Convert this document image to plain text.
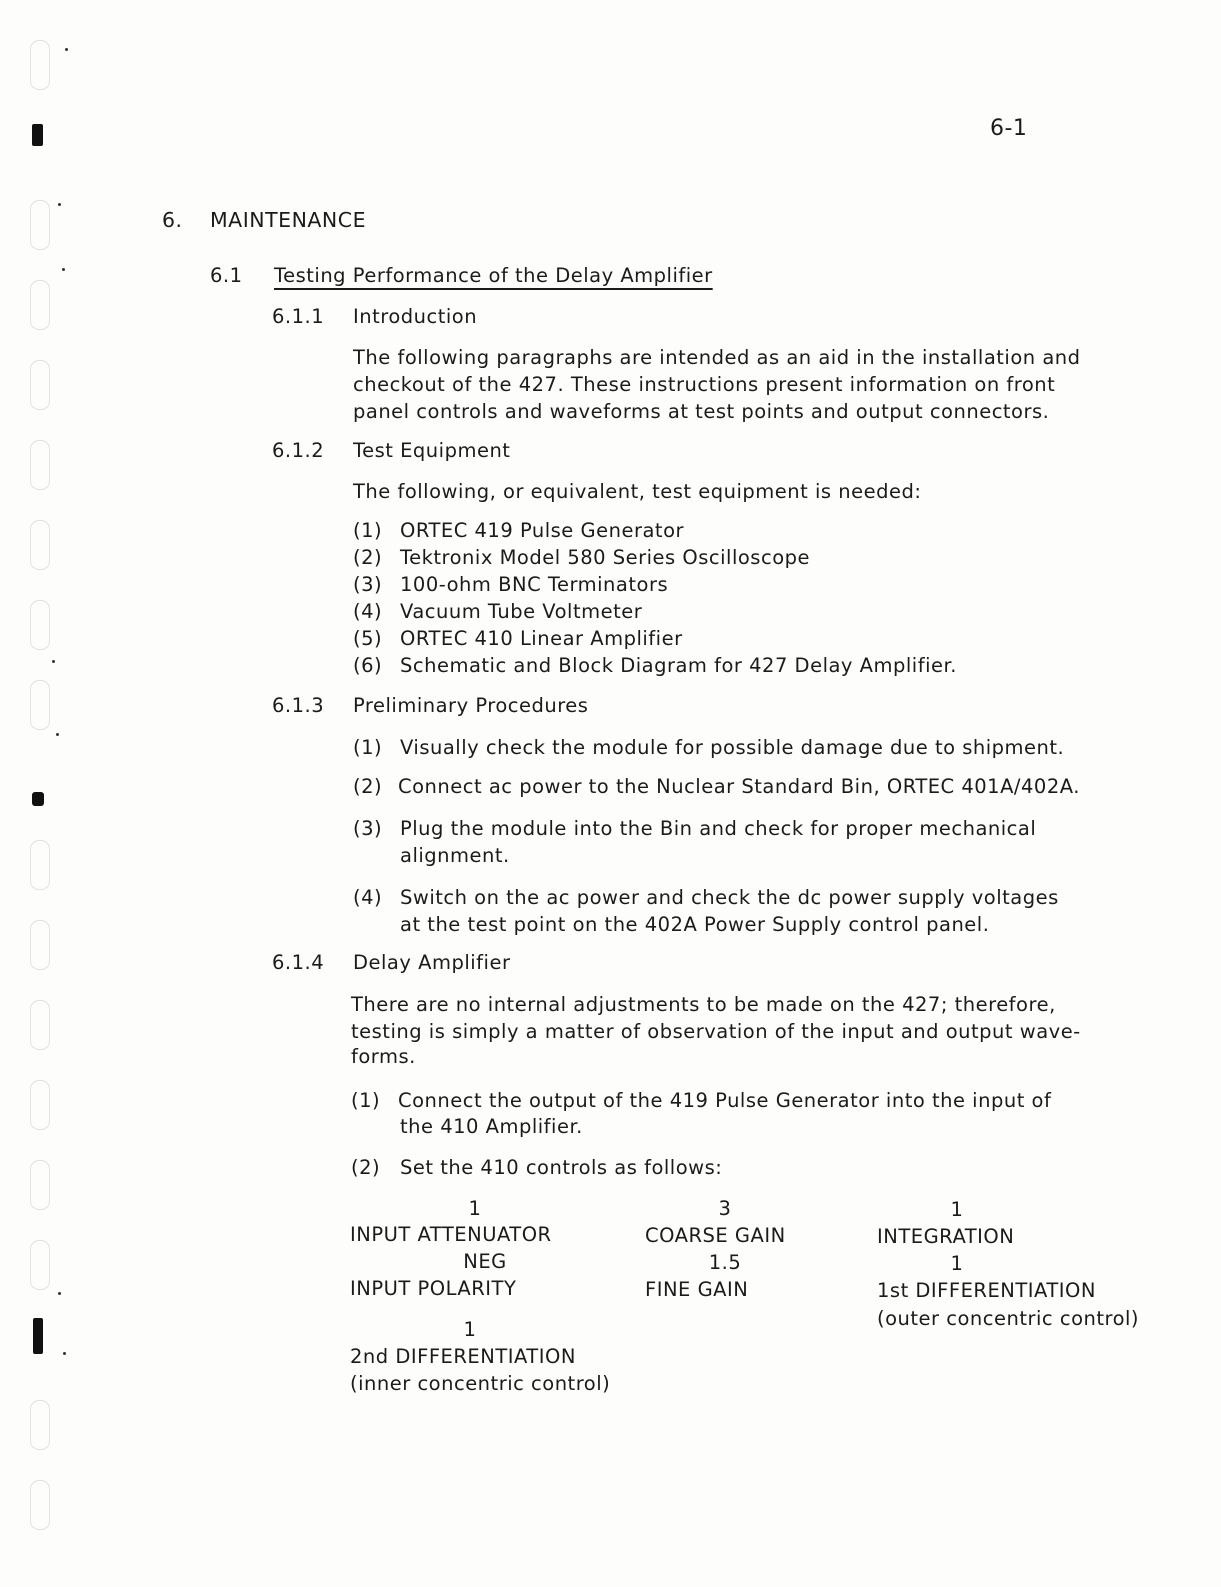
6-1
6. MAINTENANCE
6.1 Testing Performance of the Delay Amplifier
6.1.1 Introduction
The following paragraphs are intended as an aid in the installation and
checkout of the 427. These instructions present information on front
panel controls and waveforms at test points and output connectors.
6.1.2 Test Equipment
The following, or equivalent, test equipment is needed:
(1) ORTEC 419 Pulse Generator
(2) Tektronix Model 580 Series Oscilloscope
(3) 100-ohm BNC Terminators
(4) Vacuum Tube Voltmeter
(5) ORTEC 410 Linear Amplifier
(6) Schematic and Block Diagram for 427 Delay Amplifier.
6.1.3 Preliminary Procedures
(1) Visually check the module for possible damage due to shipment.
(2) Connect ac power to the Nuclear Standard Bin, ORTEC 401A/402A.
(3) Plug the module into the Bin and check for proper mechanical
alignment.
(4) Switch on the ac power and check the dc power supply voltages
at the test point on the 402A Power Supply control panel.
6.1.4 Delay Amplifier
There are no internal adjustments to be made on the 427; therefore,
testing is simply a matter of observation of the input and output wave-
forms.
(1) Connect the output of the 419 Pulse Generator into the input of
the 410 Amplifier.
(2) Set the 410 controls as follows:
1
INPUT ATTENUATOR
NEG
INPUT POLARITY
3
COARSE GAIN
1.5
FINE GAIN
1
INTEGRATION
1
1st DIFFERENTIATION
(outer concentric control)
1
2nd DIFFERENTIATION
(inner concentric control)
